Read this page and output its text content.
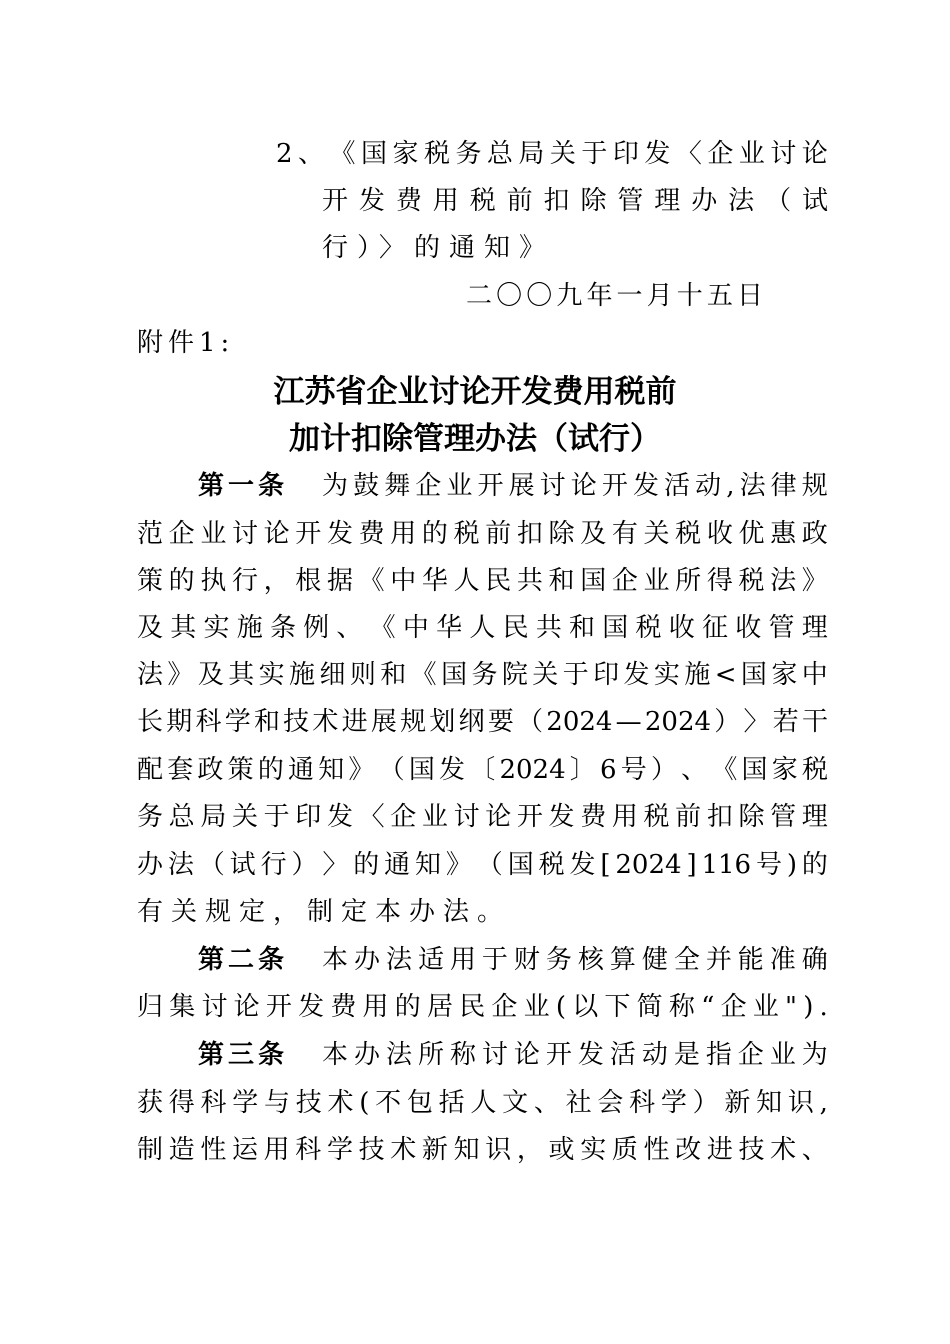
2 、 《 国 家 税 务 总 局 关 于 印 发 〈 企 业 讨 论
开 发 费 用 税 前 扣 除 管 理 办 法 （ 试
行）〉的通知》
二 〇 〇 九 年 一 月 十 五 日
附件1:
江苏省企业讨论开发费用税前
加计扣除管理办法（试行）
第一条 为 鼓 舞 企 业 开 展 讨 论 开 发 活 动 , 法 律 规
范 企 业 讨 论 开 发 费 用 的 税 前 扣 除 及 有 关 税 收 优 惠 政
策 的 执 行 ， 根 据 《 中 华 人 民 共 和 国 企 业 所 得 税 法 》
及 其 实 施 条 例 、 《 中 华 人 民 共 和 国 税 收 征 收 管 理
法 》 及 其 实 施 细 则 和 《 国 务 院 关 于 印 发 实 施 < 国 家 中
长 期 科 学 和 技 术 进 展 规 划 纲 要 （ 2024 — 2024 ） 〉 若 干
配 套 政 策 的 通 知 》 （ 国 发 〔 2024 〕 6 号 ） 、 《 国 家 税
务 总 局 关 于 印 发 〈 企 业 讨 论 开 发 费 用 税 前 扣 除 管 理
办 法 （ 试 行 ） 〉 的 通 知 》 （ 国 税 发 [ 2024 ] 116 号 ) 的
有关规定，制定本办法。
第二条 本 办 法 适 用 于 财 务 核 算 健 全 并 能 准 确
归 集 讨 论 开 发 费 用 的 居 民 企 业 ( 以 下 简 称 “ 企 业 " ) .
第三条 本 办 法 所 称 讨 论 开 发 活 动 是 指 企 业 为
获 得 科 学 与 技 术 ( 不 包 括 人 文 、 社 会 科 学 ） 新 知 识 ,
制 造 性 运 用 科 学 技 术 新 知 识 ， 或 实 质 性 改 进 技 术 、
